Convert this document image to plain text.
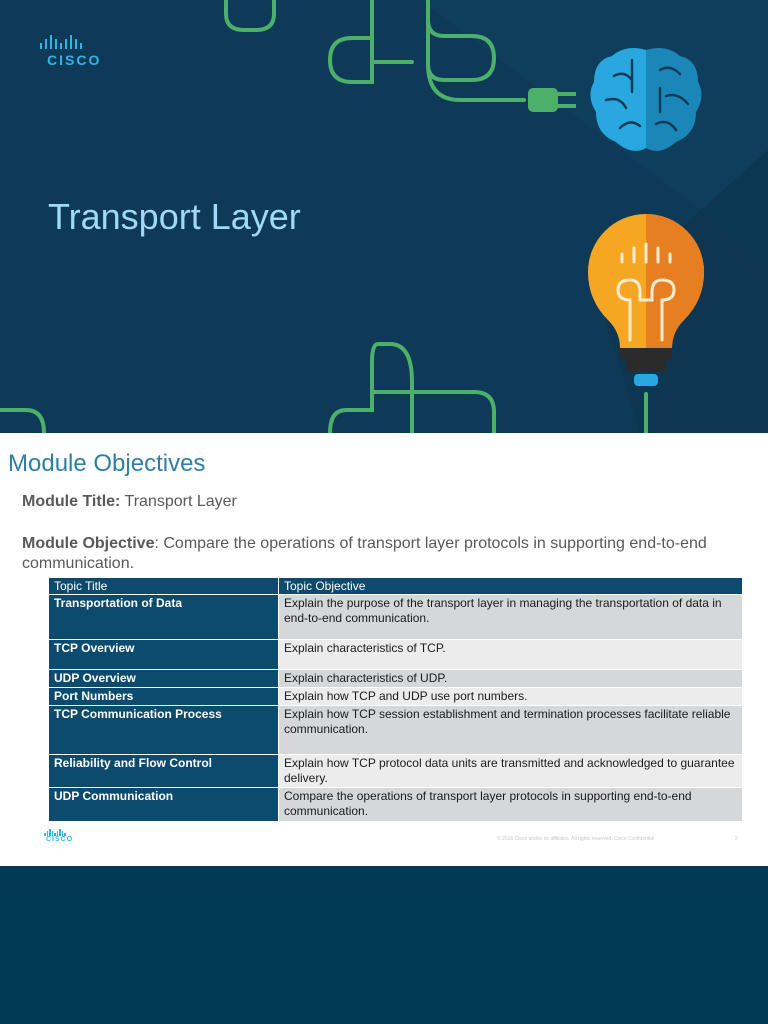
CISCO
Transport Layer
Module Objectives
Module Title: Transport Layer
Module Objective: Compare the operations of transport layer protocols in supporting end-to-end communication.
Topic Title	Topic Objective
Transportation of Data	Explain the purpose of the transport layer in managing the transportation of data in end-to-end communication.
TCP Overview	Explain characteristics of TCP.
UDP Overview	Explain characteristics of UDP.
Port Numbers	Explain how TCP and UDP use port numbers.
TCP Communication Process	Explain how TCP session establishment and termination processes facilitate reliable communication.
Reliability and Flow Control	Explain how TCP protocol data units are transmitted and acknowledged to guarantee delivery.
UDP Communication	Compare the operations of transport layer protocols in supporting end-to-end communication.
CISCO	© 2016 Cisco and/or its affiliates. All rights reserved. Cisco Confidential	2
